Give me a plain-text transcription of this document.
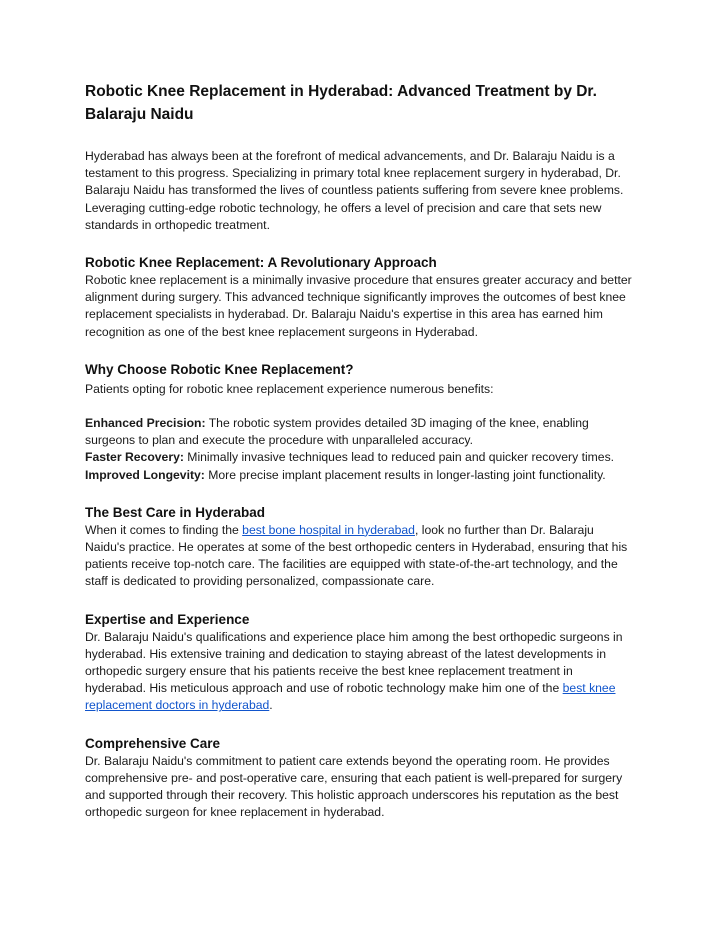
Robotic Knee Replacement in Hyderabad: Advanced Treatment by Dr. Balaraju Naidu

Hyderabad has always been at the forefront of medical advancements, and Dr. Balaraju Naidu is a testament to this progress. Specializing in primary total knee replacement surgery in hyderabad, Dr. Balaraju Naidu has transformed the lives of countless patients suffering from severe knee problems. Leveraging cutting-edge robotic technology, he offers a level of precision and care that sets new standards in orthopedic treatment.

Robotic Knee Replacement: A Revolutionary Approach

Robotic knee replacement is a minimally invasive procedure that ensures greater accuracy and better alignment during surgery. This advanced technique significantly improves the outcomes of best knee replacement specialists in hyderabad. Dr. Balaraju Naidu's expertise in this area has earned him recognition as one of the best knee replacement surgeons in Hyderabad.

Why Choose Robotic Knee Replacement?

Patients opting for robotic knee replacement experience numerous benefits:

Enhanced Precision: The robotic system provides detailed 3D imaging of the knee, enabling surgeons to plan and execute the procedure with unparalleled accuracy.

Faster Recovery: Minimally invasive techniques lead to reduced pain and quicker recovery times.

Improved Longevity: More precise implant placement results in longer-lasting joint functionality.

The Best Care in Hyderabad

When it comes to finding the best bone hospital in hyderabad, look no further than Dr. Balaraju Naidu's practice. He operates at some of the best orthopedic centers in Hyderabad, ensuring that his patients receive top-notch care. The facilities are equipped with state-of-the-art technology, and the staff is dedicated to providing personalized, compassionate care.

Expertise and Experience

Dr. Balaraju Naidu's qualifications and experience place him among the best orthopedic surgeons in hyderabad. His extensive training and dedication to staying abreast of the latest developments in orthopedic surgery ensure that his patients receive the best knee replacement treatment in hyderabad. His meticulous approach and use of robotic technology make him one of the best knee replacement doctors in hyderabad.

Comprehensive Care

Dr. Balaraju Naidu's commitment to patient care extends beyond the operating room. He provides comprehensive pre- and post-operative care, ensuring that each patient is well-prepared for surgery and supported through their recovery. This holistic approach underscores his reputation as the best orthopedic surgeon for knee replacement in hyderabad.
